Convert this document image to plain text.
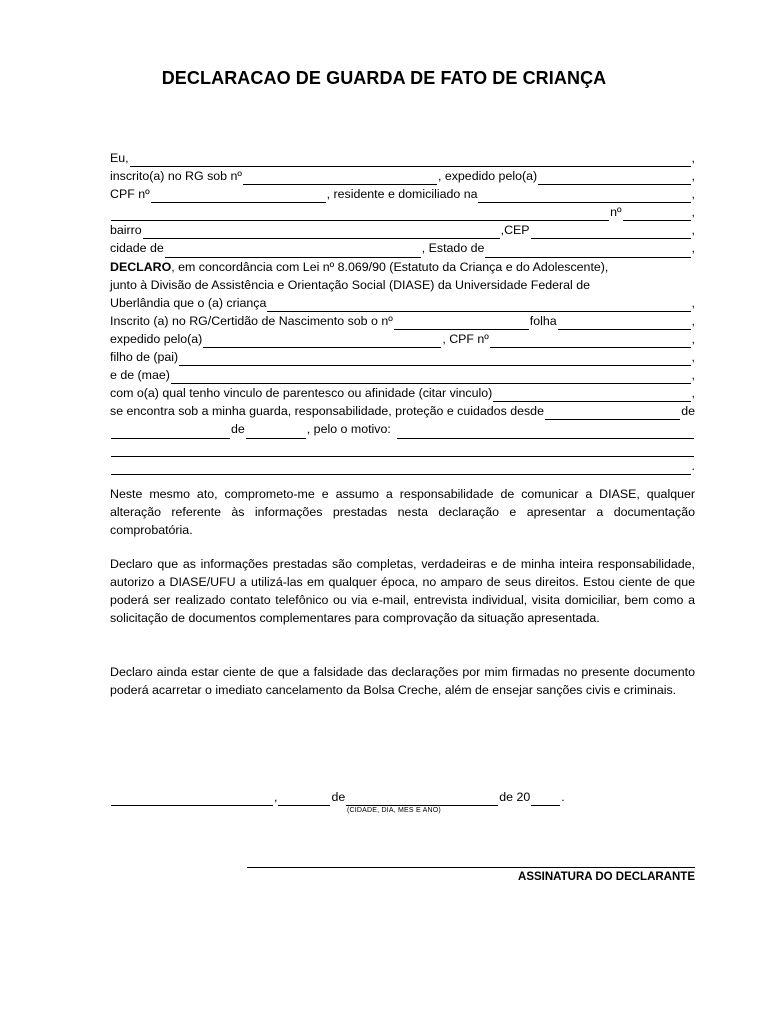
DECLARACAO DE GUARDA DE FATO DE CRIANÇA
Eu,	,
inscrito(a) no RG sob nº	, expedido pelo(a)	,
CPF nº	, residente e domiciliado na	,
nº	,
bairro	,CEP	,
cidade de	, Estado de	,
DECLARO , em concordância com Lei nº 8.069/90 (Estatuto da Criança e do Adolescente),
junto à Divisão de Assistência e Orientação Social (DIASE) da Universidade Federal de
Uberlândia que o (a) criança	,
Inscrito (a) no RG/Certidão de Nascimento sob o nº	folha	,
expedido pelo(a)	, CPF nº	,
filho de (pai)	,
e de (mae)	,
com o(a) qual tenho vinculo de parentesco ou afinidade (citar vinculo)	,
se encontra sob a minha guarda, responsabilidade, proteção e cuidados desde	de
de	, pelo o motivo:
.
Neste mesmo ato, comprometo-me e assumo a responsabilidade de comunicar a DIASE, qualquer alteração referente às informações prestadas nesta declaração e apresentar a documentação comprobatória.
Declaro que as informações prestadas são completas, verdadeiras e de minha inteira responsabilidade, autorizo a DIASE/UFU a utilizá-las em qualquer época, no amparo de seus direitos. Estou ciente de que poderá ser realizado contato telefônico ou via e-mail, entrevista individual, visita domiciliar, bem como a solicitação de documentos complementares para comprovação da situação apresentada.
Declaro ainda estar ciente de que a falsidade das declarações por mim firmadas no presente documento poderá acarretar o imediato cancelamento da Bolsa Creche, além de ensejar sanções civis e criminais.
,	de	de 20	.
(CIDADE, DIA, MES E ANO)
ASSINATURA DO DECLARANTE
